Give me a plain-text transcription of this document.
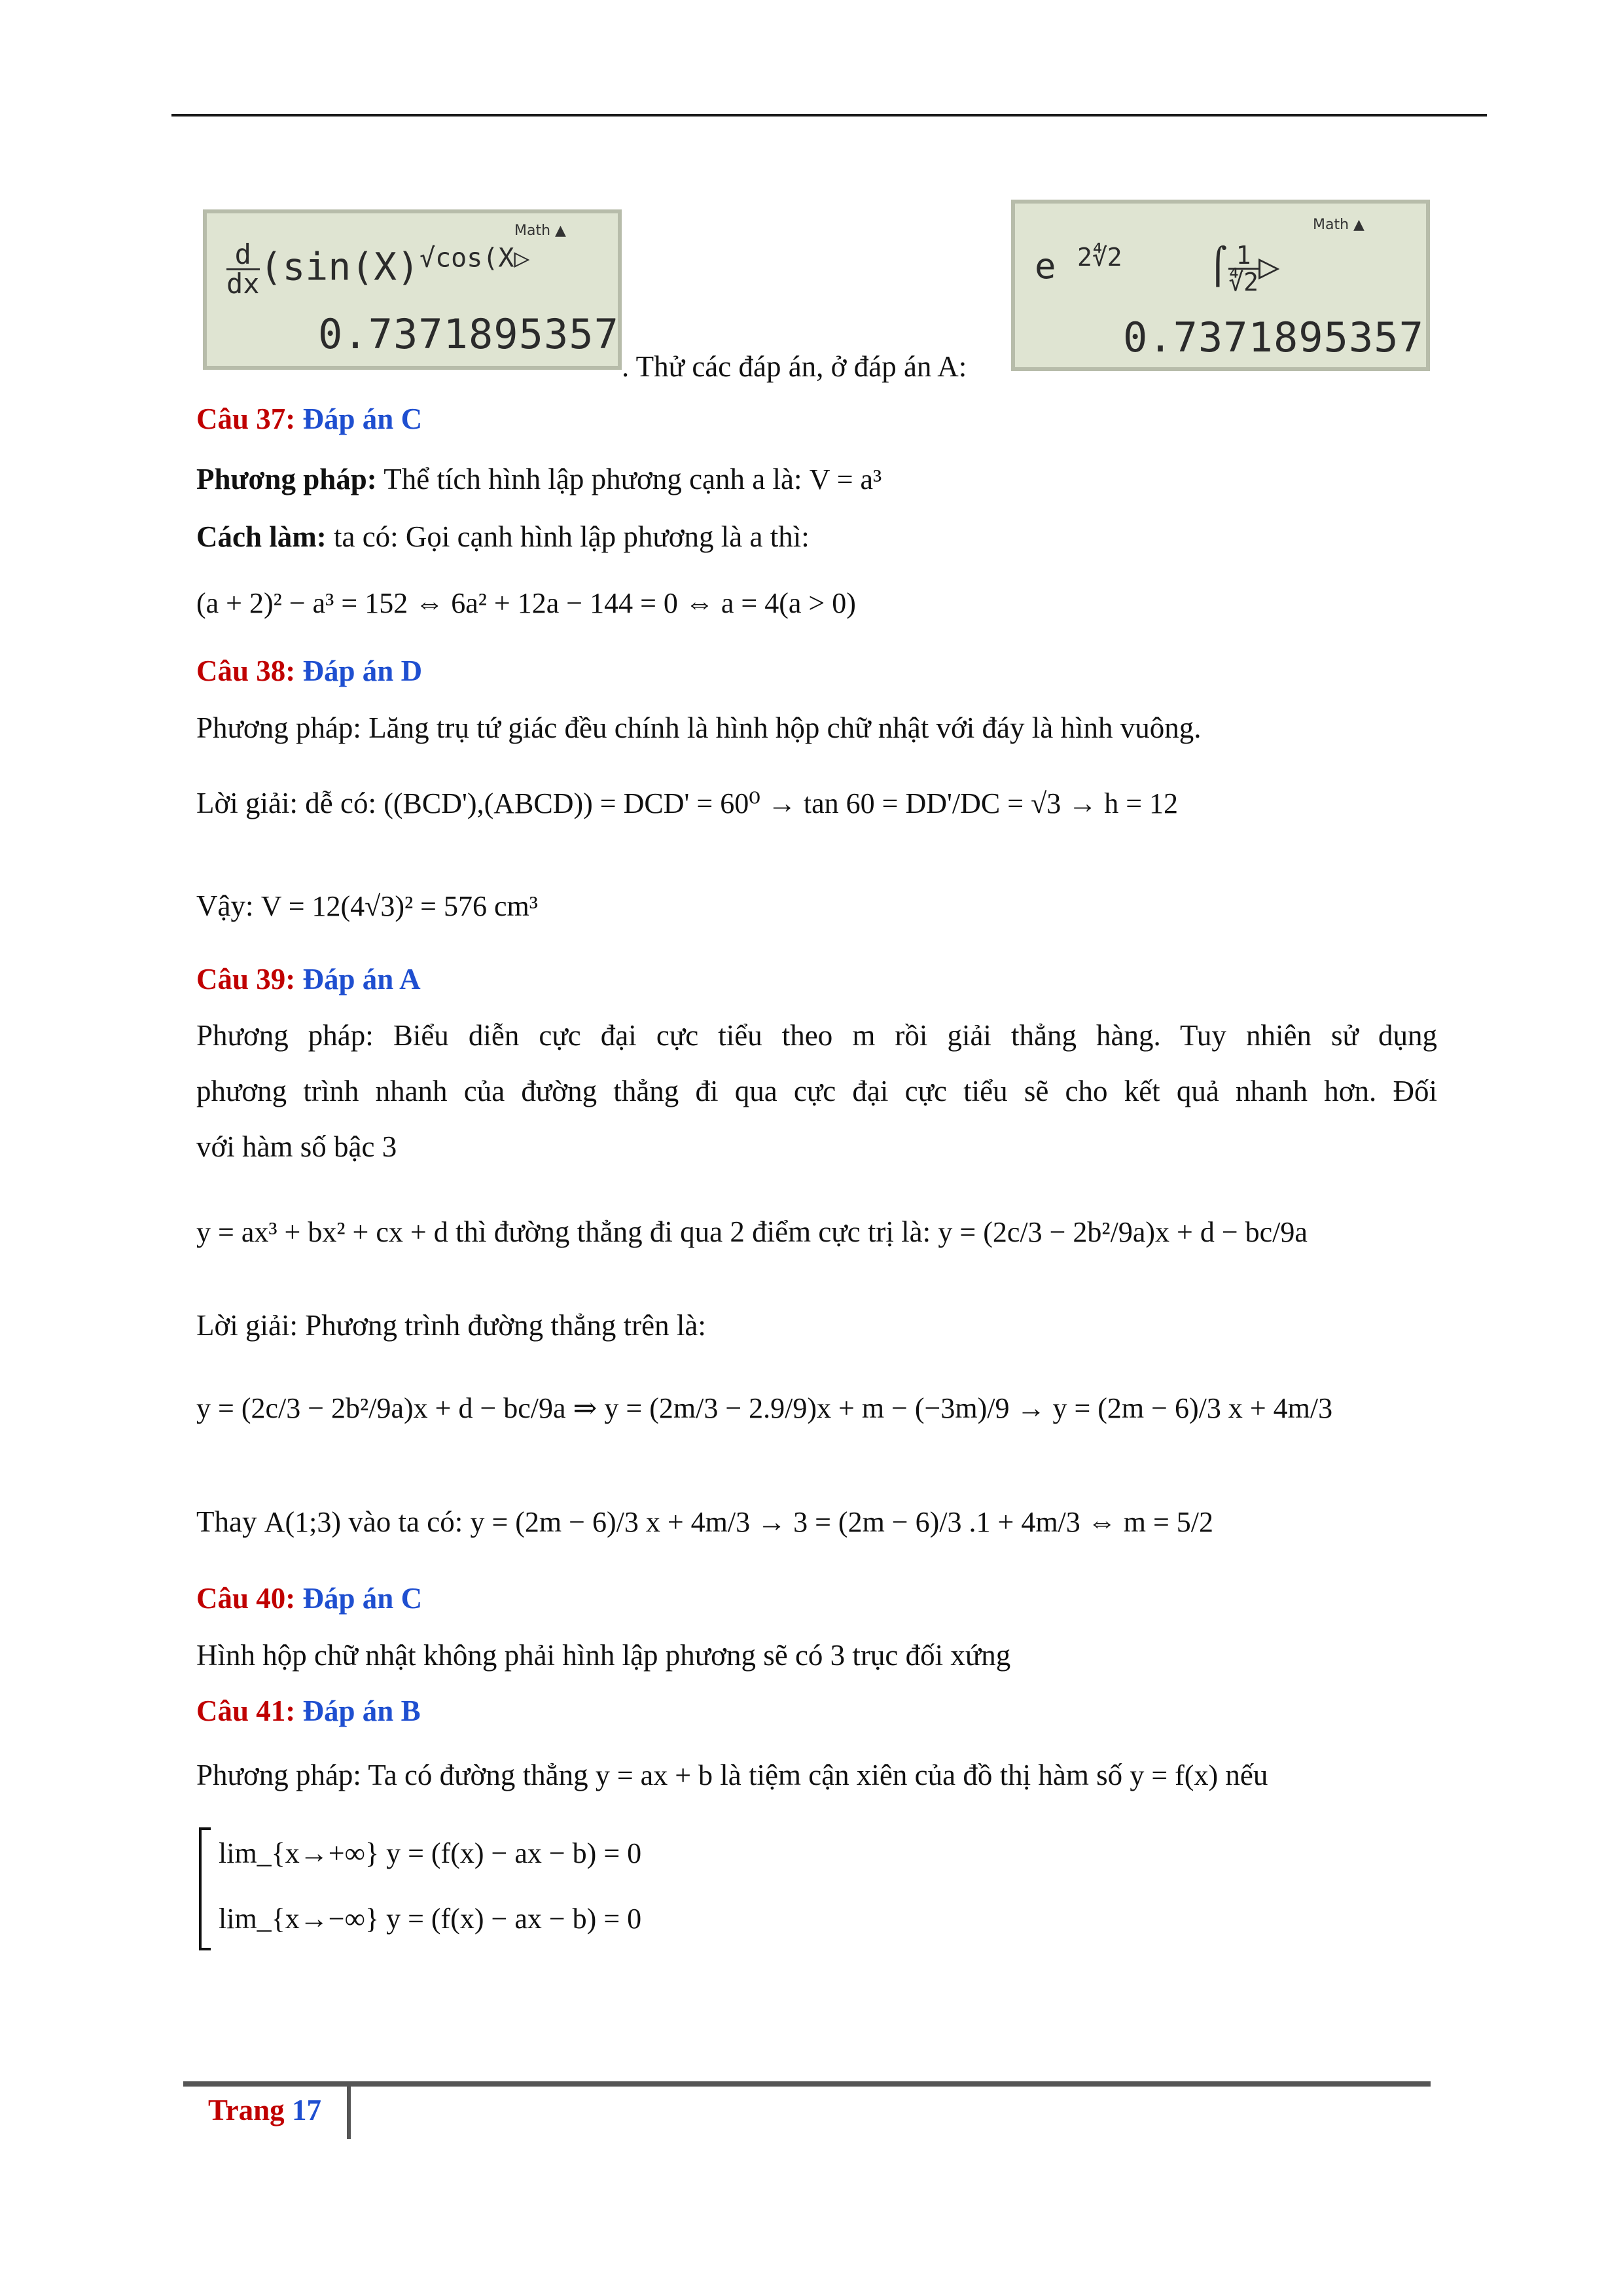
Math ▲
$\frac{d}{dx} (\sin(X)^{√cos(X▷}$
0.7371895357
. Thử các đáp án, ở đáp án A:
Math ▲
e $^{2∜2}$    ⌠ $\frac{1}{∜2}$ ▷
0.7371895357
Câu 37: Đáp án C
Phương pháp: Thể tích hình lập phương cạnh a là: V = a³
Cách làm: ta có: Gọi cạnh hình lập phương là a thì:
(a + 2)² − a³ = 152 ⇔ 6a² + 12a − 144 = 0 ⇔ a = 4(a > 0)
Câu 38: Đáp án D
Phương pháp: Lăng trụ tứ giác đều chính là hình hộp chữ nhật với đáy là hình vuông.
Lời giải: dễ có: ((BCD'),(ABCD)) = DCD' = 60⁰ → tan 60 = DD'/DC = √3 → h = 12
Vậy: V = 12(4√3)² = 576 cm³
Câu 39: Đáp án A
Phương pháp: Biểu diễn cực đại cực tiểu theo m rồi giải thẳng hàng. Tuy nhiên sử dụng
phương trình nhanh của đường thẳng đi qua cực đại cực tiểu sẽ cho kết quả nhanh hơn. Đối
với hàm số bậc 3
y = ax³ + bx² + cx + d thì đường thẳng đi qua 2 điểm cực trị là: y = (2c/3 − 2b²/9a)x + d − bc/9a
Lời giải: Phương trình đường thẳng trên là:
y = (2c/3 − 2b²/9a)x + d − bc/9a ⇒ y = (2m/3 − 2.9/9)x + m − (−3m)/9 → y = (2m − 6)/3 x + 4m/3
Thay A(1;3) vào ta có: y = (2m − 6)/3 x + 4m/3 → 3 = (2m − 6)/3 .1 + 4m/3 ⇔ m = 5/2
Câu 40: Đáp án C
Hình hộp chữ nhật không phải hình lập phương sẽ có 3 trục đối xứng
Câu 41: Đáp án B
Phương pháp: Ta có đường thẳng y = ax + b là tiệm cận xiên của đồ thị hàm số y = f(x) nếu
lim_{x→+∞} y = (f(x) − ax − b) = 0
lim_{x→−∞} y = (f(x) − ax − b) = 0
Trang 17
